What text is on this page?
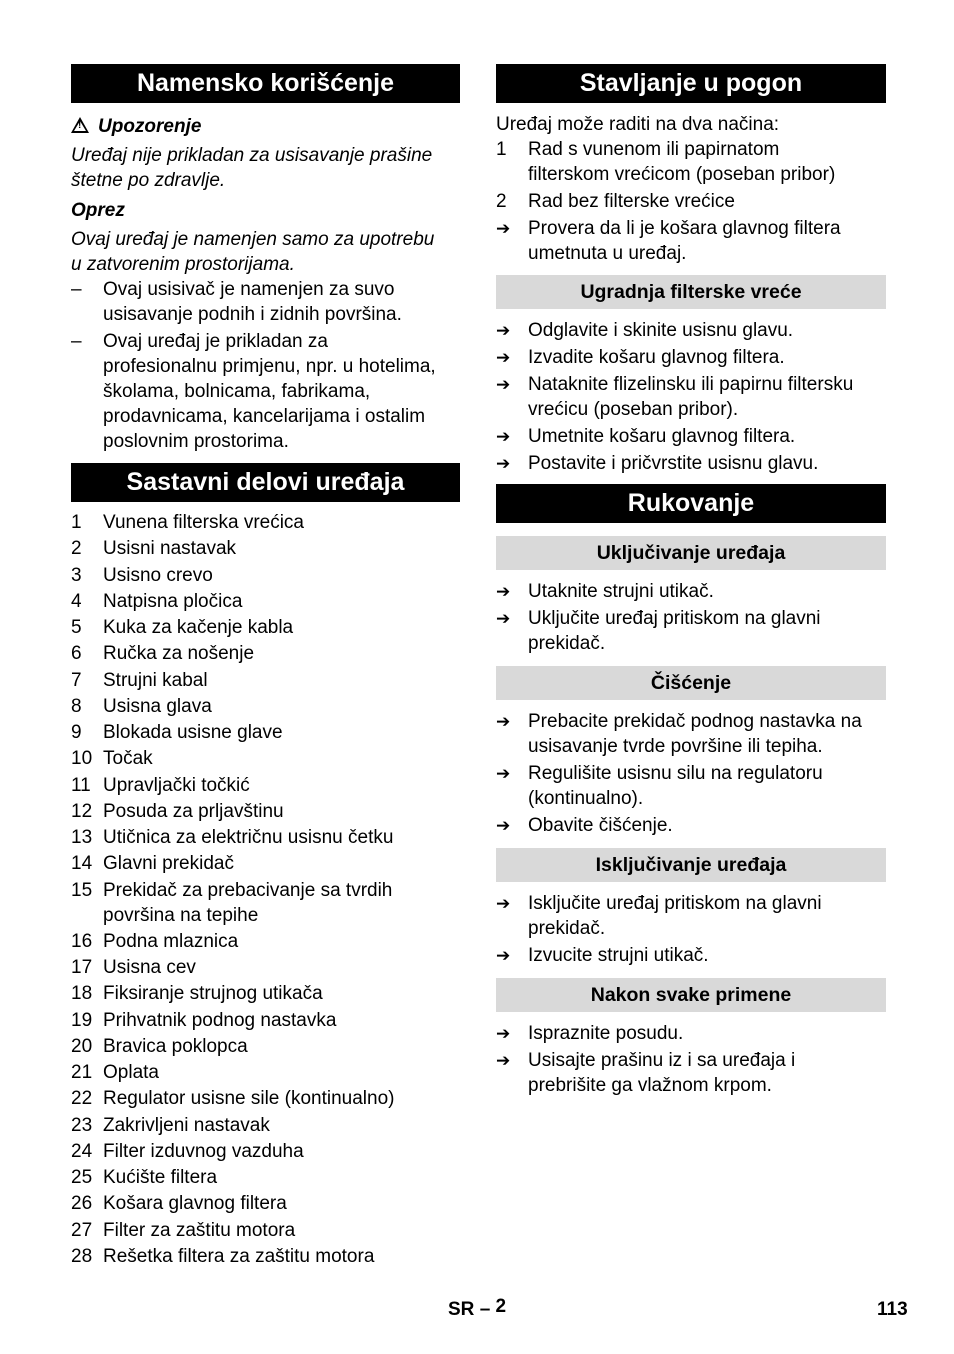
Namensko korišćenje
!Upozorenje
Uređaj nije prikladan za usisavanje prašine
štetne po zdravlje.
Oprez
Ovaj uređaj je namenjen samo za upotrebu
u zatvorenim prostorijama.
–	Ovaj usisivač je namenjen za suvo
usisavanje podnih i zidnih površina.
–	Ovaj uređaj je prikladan za
profesionalnu primjenu, npr. u hotelima,
školama, bolnicama, fabrikama,
prodavnicama, kancelarijama i ostalim
poslovnim prostorima.
Sastavni delovi uređaja
1	Vunena filterska vrećica
2	Usisni nastavak
3	Usisno crevo
4	Natpisna pločica
5	Kuka za kačenje kabla
6	Ručka za nošenje
7	Strujni kabal
8	Usisna glava
9	Blokada usisne glave
10 Točak
11 Upravljački točkić
12 Posuda za prljavštinu
13 Utičnica za električnu usisnu četku
14 Glavni prekidač
15 Prekidač za prebacivanje sa tvrdih
površina na tepihe
16 Podna mlaznica
17 Usisna cev
18 Fiksiranje strujnog utikača
19 Prihvatnik podnog nastavka
20 Bravica poklopca
21 Oplata
22 Regulator usisne sile (kontinualno)
23 Zakrivljeni nastavak
24 Filter izduvnog vazduha
25 Kućište filtera
26 Košara glavnog filtera
27 Filter za zaštitu motora
28 Rešetka filtera za zaštitu motora
Stavljanje u pogon
Uređaj može raditi na dva načina:
1	Rad s vunenom ili papirnatom
filterskom vrećicom (poseban pribor)
2	Rad bez filterske vrećice
➔ Provera da li je košara glavnog filtera
umetnuta u uređaj.
Ugradnja filterske vreće
➔ Odglavite i skinite usisnu glavu.
➔ Izvadite košaru glavnog filtera.
➔ Nataknite flizelinsku ili papirnu filtersku
vrećicu (poseban pribor).
➔ Umetnite košaru glavnog filtera.
➔ Postavite i pričvrstite usisnu glavu.
Rukovanje
Uključivanje uređaja
➔ Utaknite strujni utikač.
➔ Uključite uređaj pritiskom na glavni
prekidač.
Čišćenje
➔ Prebacite prekidač podnog nastavka na
usisavanje tvrde površine ili tepiha.
➔ Regulišite usisnu silu na regulatoru
(kontinualno).
➔ Obavite čišćenje.
Isključivanje uređaja
➔ Isključite uređaj pritiskom na glavni
prekidač.
➔ Izvucite strujni utikač.
Nakon svake primene
➔ Ispraznite posudu.
➔ Usisajte prašinu iz i sa uređaja i
prebrišite ga vlažnom krpom.
SR – 2	113
